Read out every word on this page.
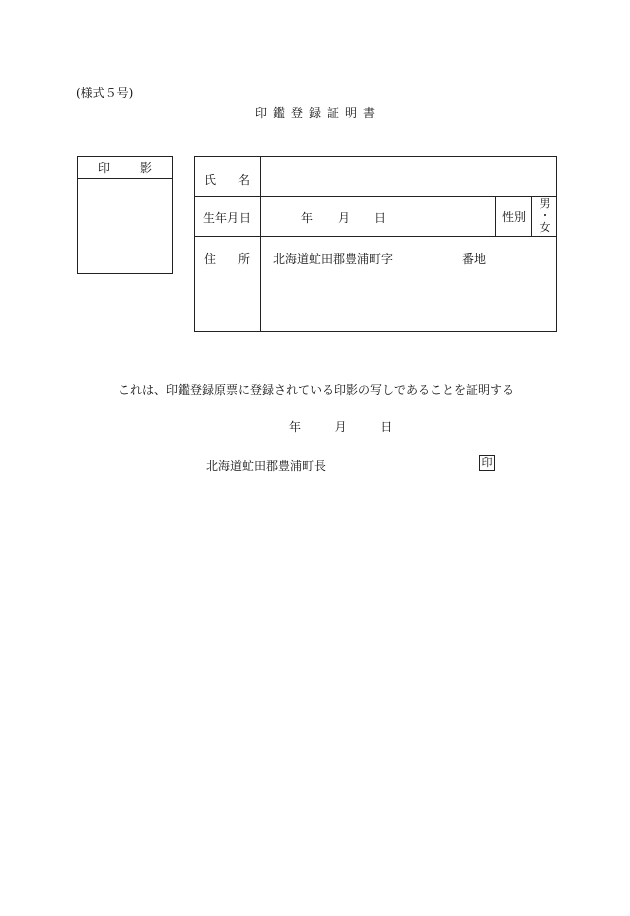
(様式５号)
印鑑登録証明書
印	影
氏 名
生年月日	年 月 日	性別
男
・
女
住 所 北海道虻田郡豊浦町字	番地
これは、印鑑登録原票に登録されている印影の写しであることを証明する
年	月	日
北海道虻田郡豊浦町長	印
